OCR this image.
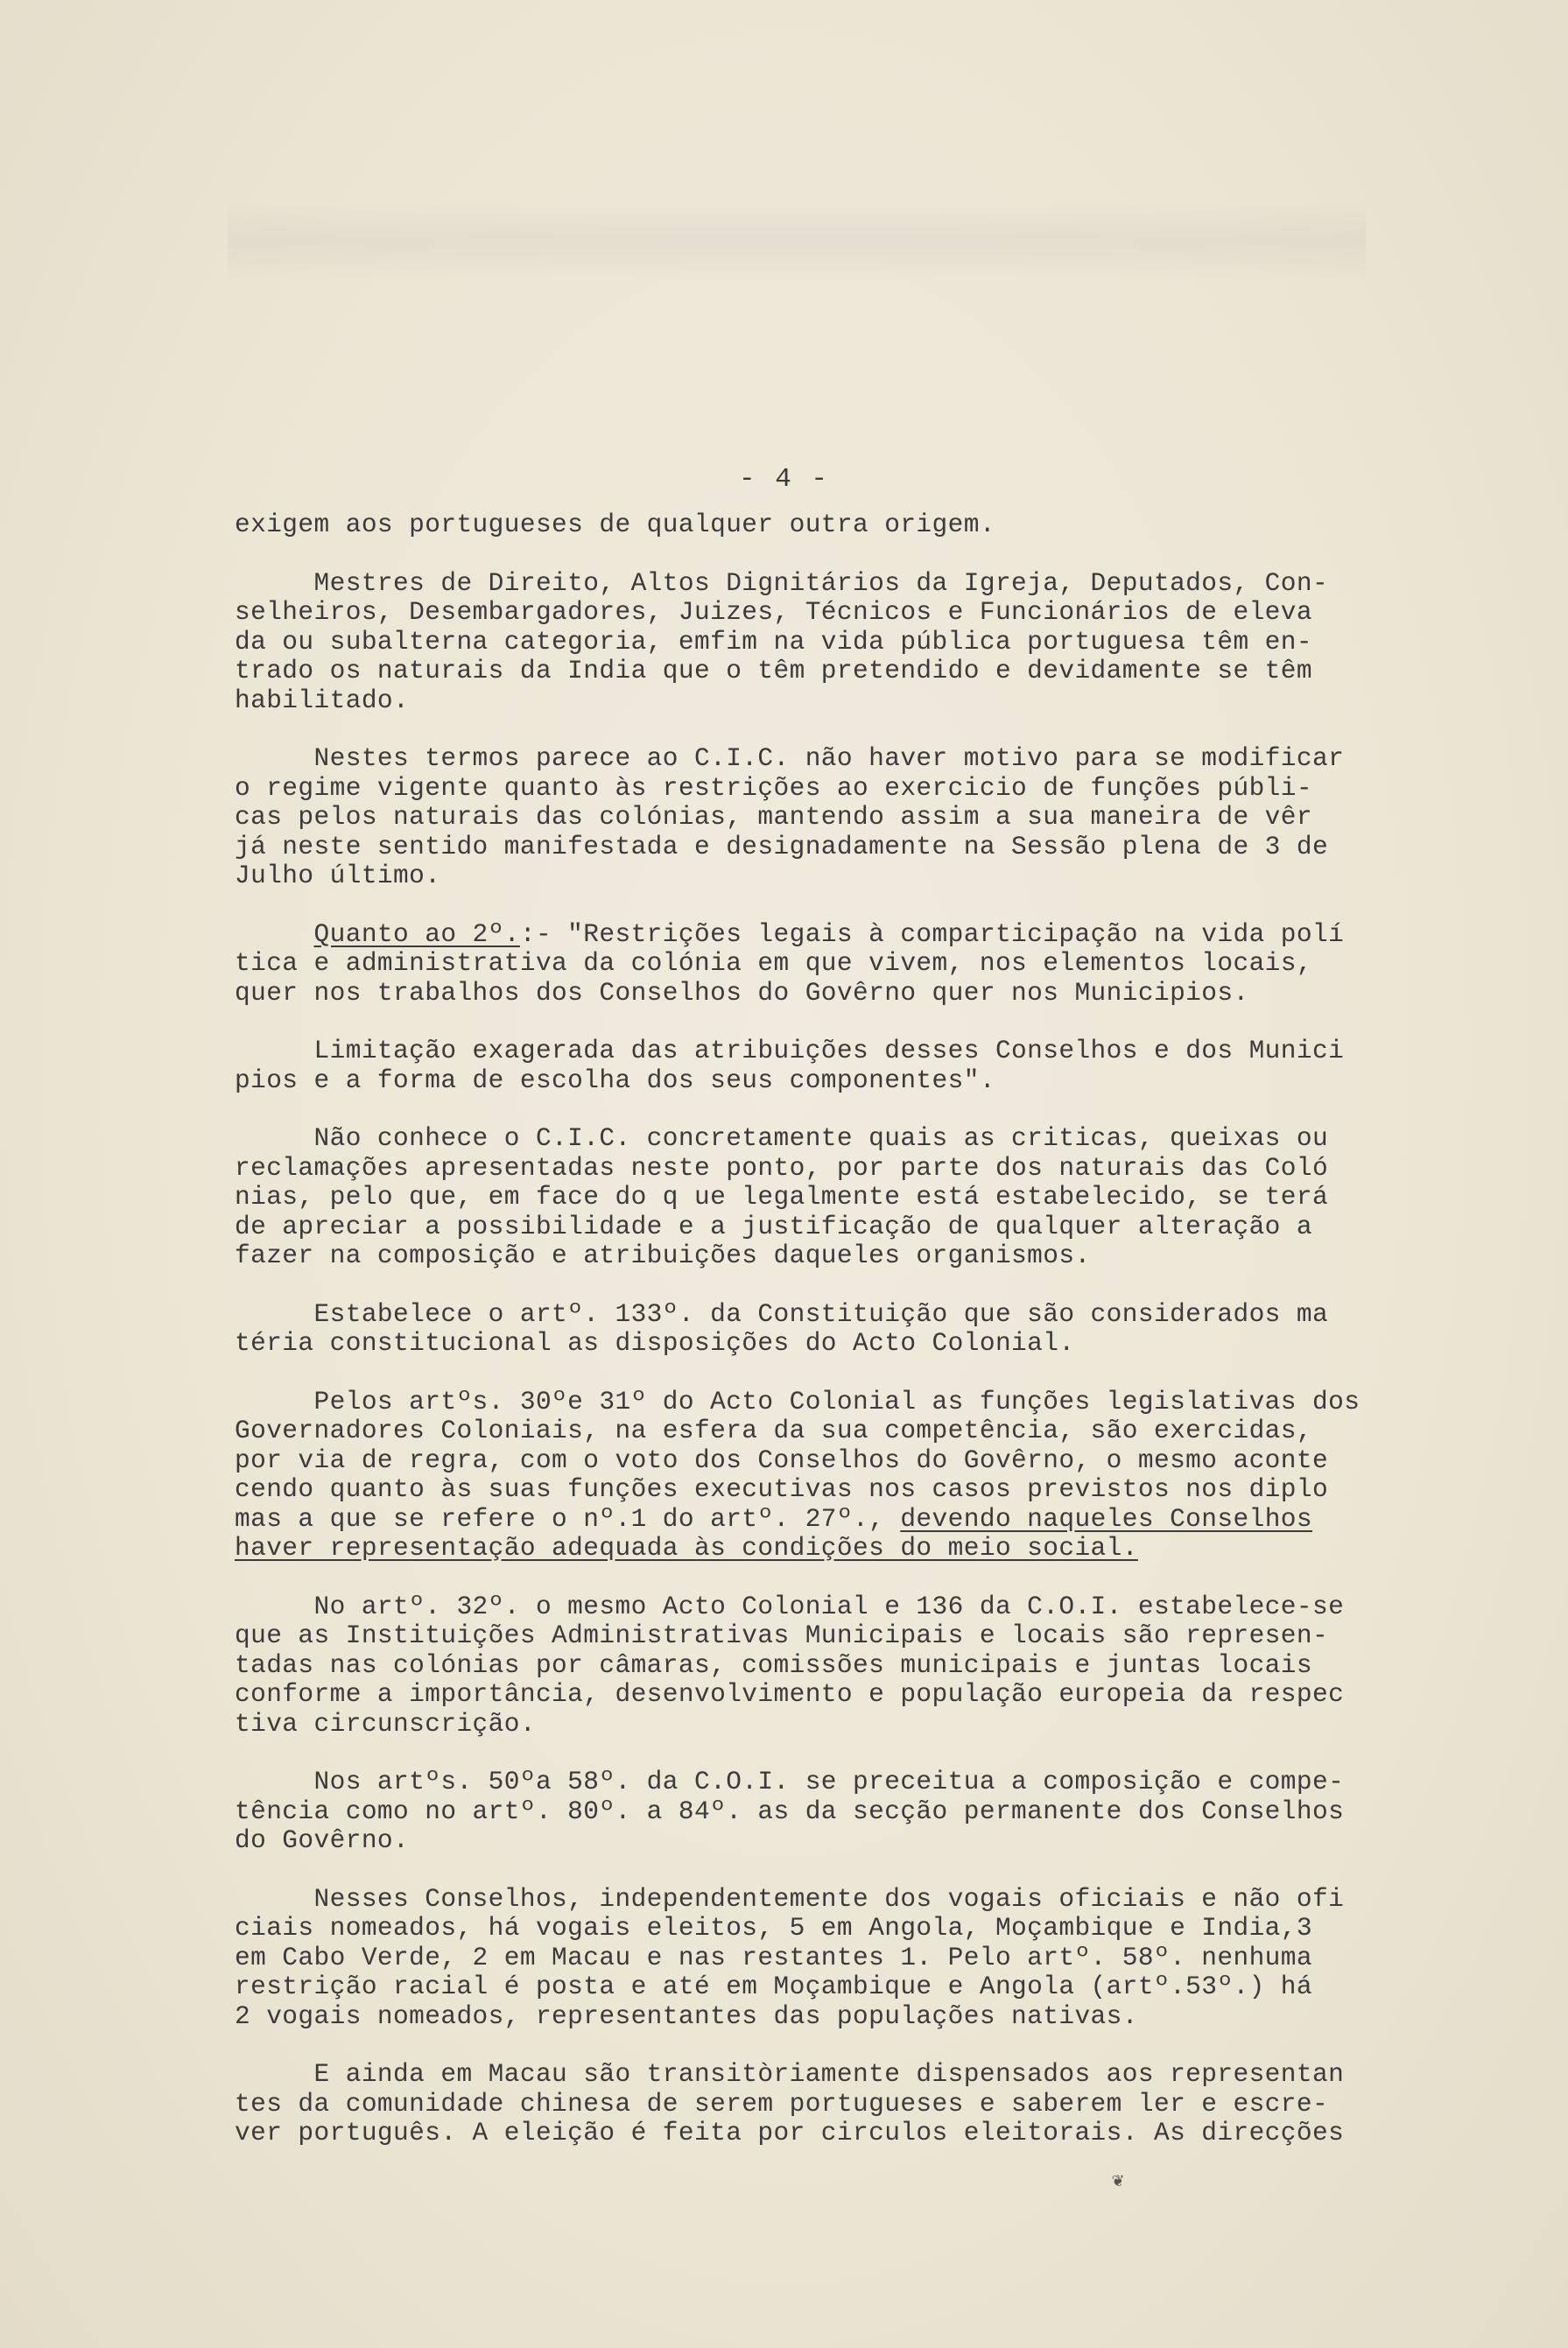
- 4 -
exigem aos portugueses de qualquer outra origem.
Mestres de Direito, Altos Dignitários da Igreja, Deputados, Con-
selheiros, Desembargadores, Juizes, Técnicos e Funcionários de eleva
da ou subalterna categoria, emfim na vida pública portuguesa têm en-
trado os naturais da India que o têm pretendido e devidamente se têm
habilitado.
Nestes termos parece ao C.I.C. não haver motivo para se modificar
o regime vigente quanto às restrições ao exercicio de funções públi-
cas pelos naturais das colónias, mantendo assim a sua maneira de vêr
já neste sentido manifestada e designadamente na Sessão plena de 3 de
Julho último.
Quanto ao 2º.:- "Restrições legais à comparticipação na vida polí
tica e administrativa da colónia em que vivem, nos elementos locais,
quer nos trabalhos dos Conselhos do Govêrno quer nos Municipios.
Limitação exagerada das atribuições desses Conselhos e dos Munici
pios e a forma de escolha dos seus componentes".
Não conhece o C.I.C. concretamente quais as criticas, queixas ou
reclamações apresentadas neste ponto, por parte dos naturais das Coló
nias, pelo que, em face do q ue legalmente está estabelecido, se terá
de apreciar a possibilidade e a justificação de qualquer alteração a
fazer na composição e atribuições daqueles organismos.
Estabelece o artº. 133º. da Constituição que são considerados ma
téria constitucional as disposições do Acto Colonial.
Pelos artºs. 30ºe 31º do Acto Colonial as funções legislativas dos
Governadores Coloniais, na esfera da sua competência, são exercidas,
por via de regra, com o voto dos Conselhos do Govêrno, o mesmo aconte
cendo quanto às suas funções executivas nos casos previstos nos diplo
mas a que se refere o nº.1 do artº. 27º., devendo naqueles Conselhos
haver representação adequada às condições do meio social.
No artº. 32º. o mesmo Acto Colonial e 136 da C.O.I. estabelece-se
que as Instituições Administrativas Municipais e locais são represen-
tadas nas colónias por câmaras, comissões municipais e juntas locais
conforme a importância, desenvolvimento e população europeia da respec
tiva circunscrição.
Nos artºs. 50ºa 58º. da C.O.I. se preceitua a composição e compe-
tência como no artº. 80º. a 84º. as da secção permanente dos Conselhos
do Govêrno.
Nesses Conselhos, independentemente dos vogais oficiais e não ofi
ciais nomeados, há vogais eleitos, 5 em Angola, Moçambique e India,3
em Cabo Verde, 2 em Macau e nas restantes 1. Pelo artº. 58º. nenhuma
restrição racial é posta e até em Moçambique e Angola (artº.53º.) há
2 vogais nomeados, representantes das populações nativas.
E ainda em Macau são transitòriamente dispensados aos representan
tes da comunidade chinesa de serem portugueses e saberem ler e escre-
ver português. A eleição é feita por circulos eleitorais. As direcções
❦
